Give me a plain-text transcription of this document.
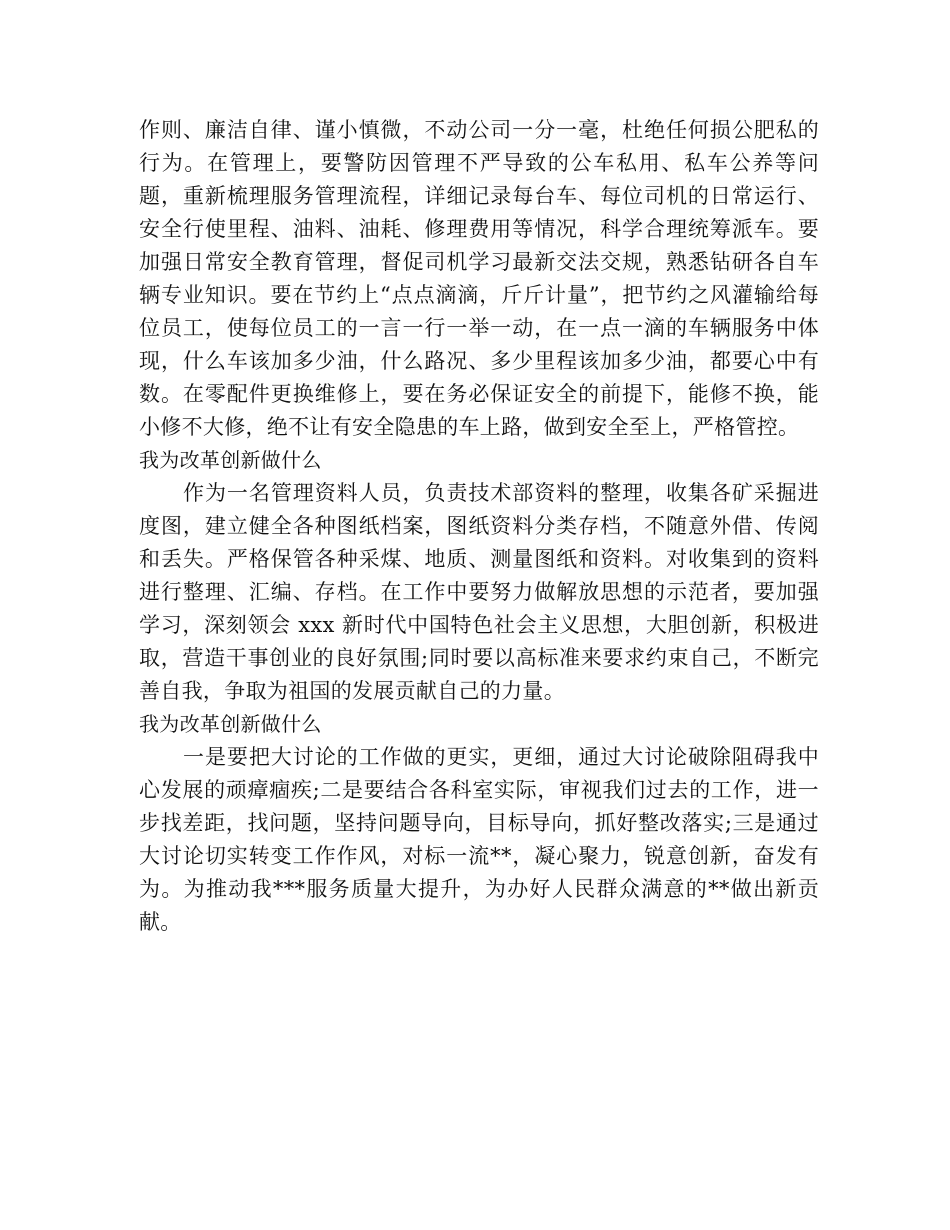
作则、廉洁自律、谨小慎微，不动公司一分一毫，杜绝任何损公肥私的行为。在管理上，要警防因管理不严导致的公车私用、私车公养等问题，重新梳理服务管理流程，详细记录每台车、每位司机的日常运行、安全行使里程、油料、油耗、修理费用等情况，科学合理统筹派车。要加强日常安全教育管理，督促司机学习最新交法交规，熟悉钻研各自车辆专业知识。要在节约上“点点滴滴，斤斤计量”，把节约之风灌输给每位员工，使每位员工的一言一行一举一动，在一点一滴的车辆服务中体现，什么车该加多少油，什么路况、多少里程该加多少油，都要心中有数。在零配件更换维修上，要在务必保证安全的前提下，能修不换，能小修不大修，绝不让有安全隐患的车上路，做到安全至上，严格管控。

我为改革创新做什么

作为一名管理资料人员，负责技术部资料的整理，收集各矿采掘进度图，建立健全各种图纸档案，图纸资料分类存档，不随意外借、传阅和丢失。严格保管各种采煤、地质、测量图纸和资料。对收集到的资料进行整理、汇编、存档。在工作中要努力做解放思想的示范者，要加强学习，深刻领会 xxx 新时代中国特色社会主义思想，大胆创新，积极进取，营造干事创业的良好氛围;同时要以高标准来要求约束自己，不断完善自我，争取为祖国的发展贡献自己的力量。

我为改革创新做什么

一是要把大讨论的工作做的更实，更细，通过大讨论破除阻碍我中心发展的顽瘴痼疾;二是要结合各科室实际，审视我们过去的工作，进一步找差距，找问题，坚持问题导向，目标导向，抓好整改落实;三是通过大讨论切实转变工作作风，对标一流**，凝心聚力，锐意创新，奋发有为。为推动我***服务质量大提升，为办好人民群众满意的**做出新贡献。
